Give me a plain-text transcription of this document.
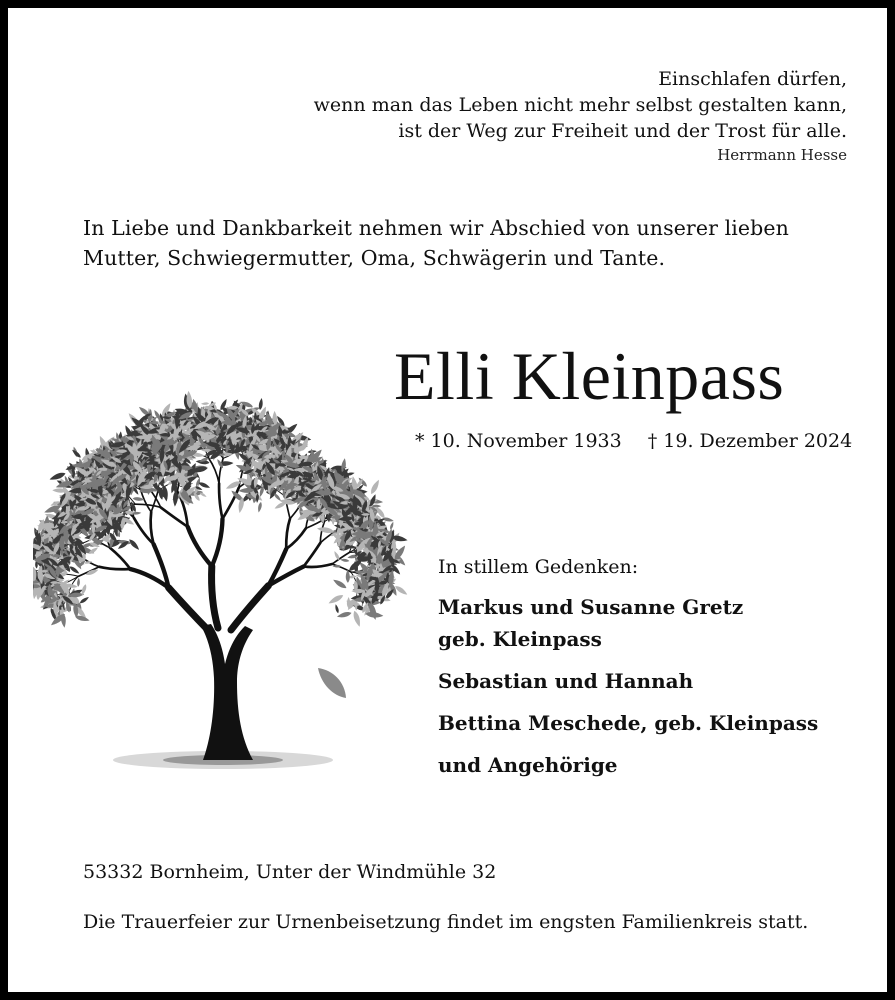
Einschlafen dürfen,
wenn man das Leben nicht mehr selbst gestalten kann,
ist der Weg zur Freiheit und der Trost für alle.
Herrmann Hesse
In Liebe und Dankbarkeit nehmen wir Abschied von unserer lieben
Mutter, Schwiegermutter, Oma, Schwägerin und Tante.
Elli Kleinpass
* 10. November 1933 † 19. Dezember 2024
In stillem Gedenken:
Markus und Susanne Gretz
geb. Kleinpass
Sebastian und Hannah
Bettina Meschede, geb. Kleinpass
und Angehörige
53332 Bornheim, Unter der Windmühle 32
Die Trauerfeier zur Urnenbeisetzung findet im engsten Familienkreis statt.
